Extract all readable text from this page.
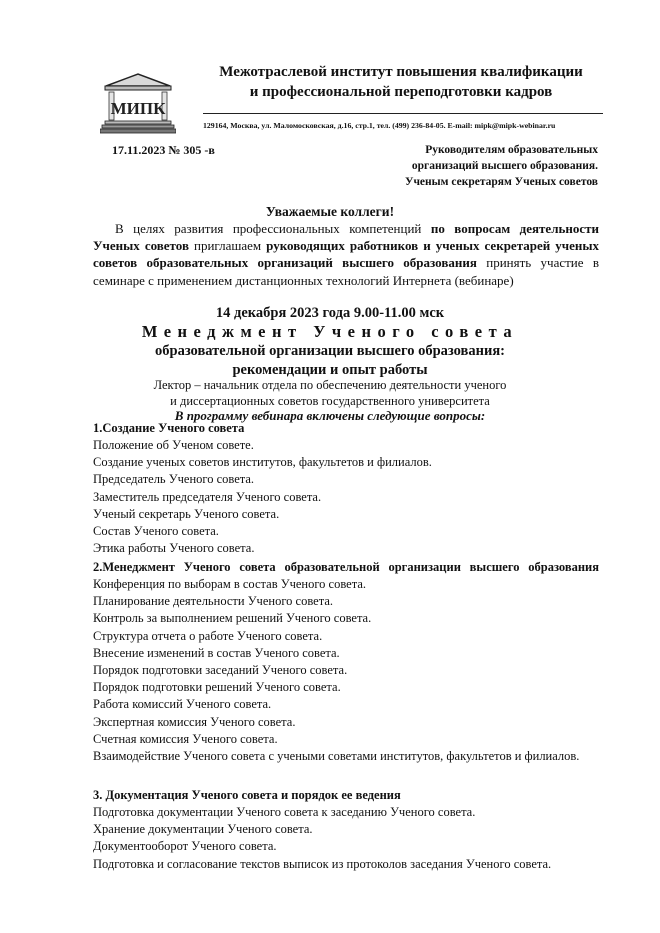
МИПК
Межотраслевой институт повышения квалификации
и профессиональной переподготовки кадров
129164, Москва, ул. Маломосковская, д.16, стр.1, тел. (499) 236-84-05. E-mail: mipk@mipk-webinar.ru
17.11.2023 № 305 -в	Руководителям образовательных
организаций высшего образования.
Ученым секретарям Ученых советов
Уважаемые коллеги!

В целях развития профессиональных компетенций по вопросам деятельности Ученых советов приглашаем руководящих работников и ученых секретарей ученых советов образовательных организаций высшего образования принять участие в семинаре с применением дистанционных технологий Интернета (вебинаре)

14 декабря 2023 года 9.00-11.00 мск
Менеджмент Ученого совета
образовательной организации высшего образования:
рекомендации и опыт работы
Лектор – начальник отдела по обеспечению деятельности ученого
и диссертационных советов государственного университета
В программу вебинара включены следующие вопросы:
1.Создание Ученого совета
Положение об Ученом совете.
Создание ученых советов институтов, факультетов и филиалов.
Председатель Ученого совета.
Заместитель председателя Ученого совета.
Ученый секретарь Ученого совета.
Состав Ученого совета.
Этика работы Ученого совета.
2.Менеджмент Ученого совета образовательной организации высшего образования
Конференция по выборам в состав Ученого совета.
Планирование деятельности Ученого совета.
Контроль за выполнением решений Ученого совета.
Структура отчета о работе Ученого совета.
Внесение изменений в состав Ученого совета.
Порядок подготовки заседаний Ученого совета.
Порядок подготовки решений Ученого совета.
Работа комиссий Ученого совета.
Экспертная комиссия Ученого совета.
Счетная комиссия Ученого совета.
Взаимодействие Ученого совета с учеными советами институтов, факультетов и филиалов.
3. Документация Ученого совета и порядок ее ведения
Подготовка документации Ученого совета к заседанию Ученого совета.
Хранение документации Ученого совета.
Документооборот Ученого совета.
Подготовка и согласование текстов выписок из протоколов заседания Ученого совета.
